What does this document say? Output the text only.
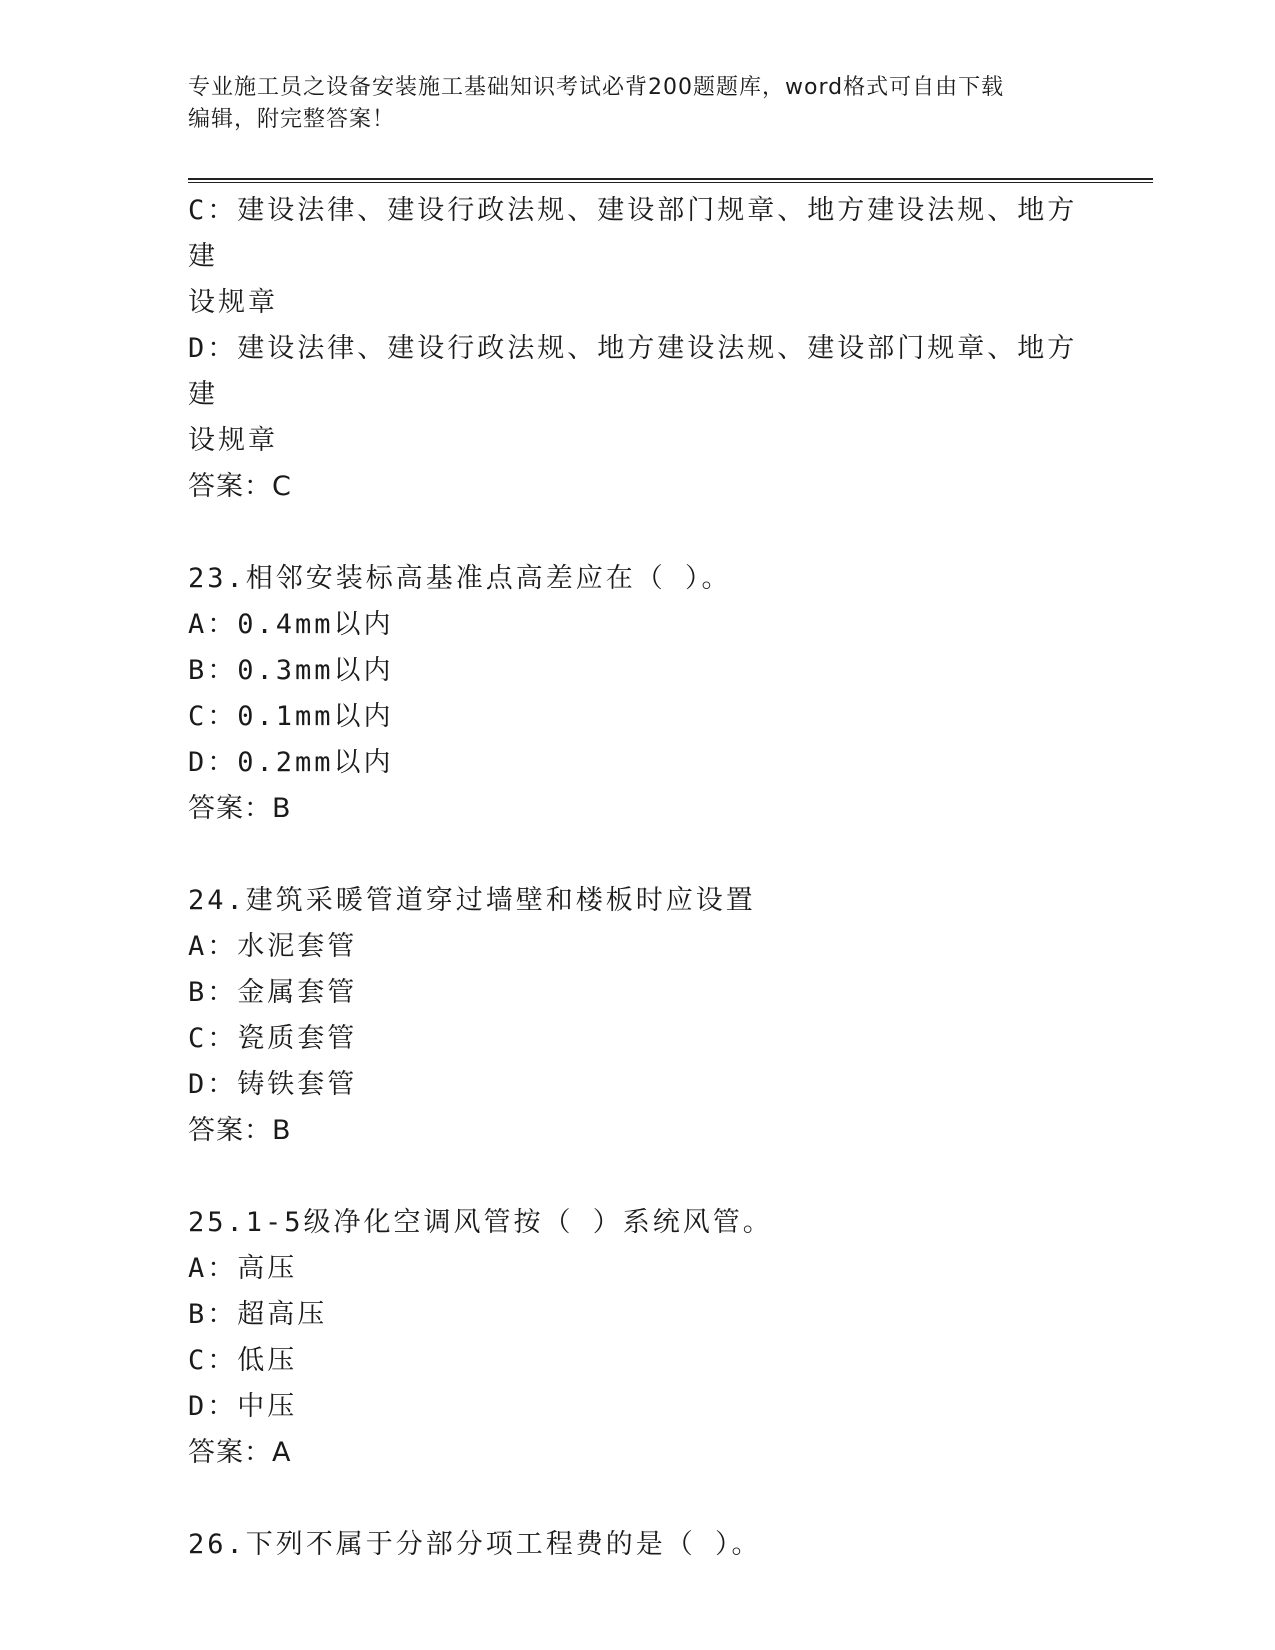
专业施工员之设备安装施工基础知识考试必背200题题库，word格式可自由下载
编辑，附完整答案！
C：建设法律、建设行政法规、建设部门规章、地方建设法规、地方建
设规章
D：建设法律、建设行政法规、地方建设法规、建设部门规章、地方建
设规章
答案：C
23.相邻安装标高基准点高差应在（ ）。
A：0.4mm以内
B：0.3mm以内
C：0.1mm以内
D：0.2mm以内
答案：B
24.建筑采暖管道穿过墙壁和楼板时应设置
A：水泥套管
B：金属套管
C：瓷质套管
D：铸铁套管
答案：B
25.1-5级净化空调风管按（ ）系统风管。
A：高压
B：超高压
C：低压
D：中压
答案：A
26.下列不属于分部分项工程费的是（ ）。
